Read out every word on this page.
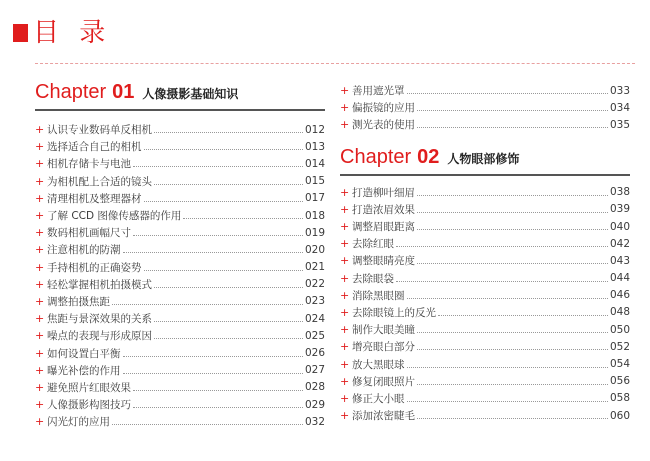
目 录
Chapter 01 人像摄影基础知识
+ 认识专业数码单反相机	012
+ 选择适合自己的相机	013
+ 相机存储卡与电池	014
+ 为相机配上合适的镜头	015
+ 清理相机及整理器材	017
+ 了解 CCD 图像传感器的作用	018
+ 数码相机画幅尺寸	019
+ 注意相机的防潮	020
+ 手持相机的正确姿势	021
+ 轻松掌握相机拍摄模式	022
+ 调整拍摄焦距	023
+ 焦距与景深效果的关系	024
+ 噪点的表现与形成原因	025
+ 如何设置白平衡	026
+ 曝光补偿的作用	027
+ 避免照片红眼效果	028
+ 人像摄影构图技巧	029
+ 闪光灯的应用	032
+ 善用遮光罩	033
+ 偏振镜的应用	034
+ 测光表的使用	035
Chapter 02 人物眼部修饰
+ 打造柳叶细眉	038
+ 打造浓眉效果	039
+ 调整眉眼距离	040
+ 去除红眼	042
+ 调整眼睛亮度	043
+ 去除眼袋	044
+ 消除黑眼圈	046
+ 去除眼镜上的反光	048
+ 制作大眼美瞳	050
+ 增亮眼白部分	052
+ 放大黑眼球	054
+ 修复闭眼照片	056
+ 修正大小眼	058
+ 添加浓密睫毛	060
